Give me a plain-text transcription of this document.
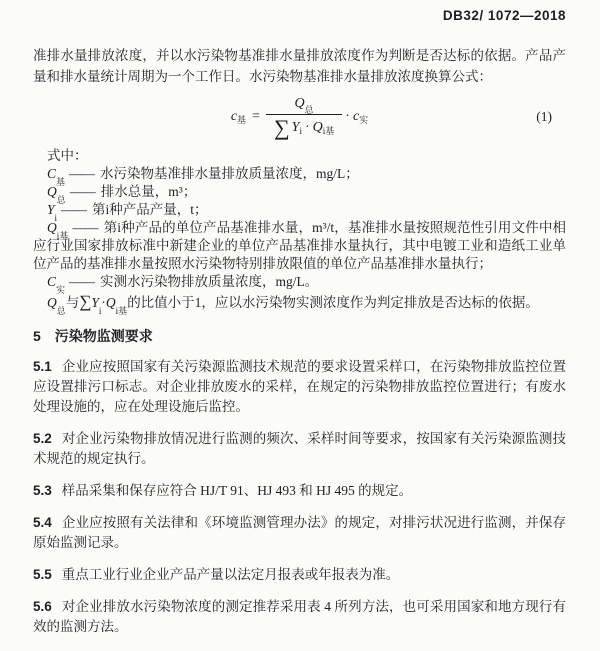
DB32/ 1072—2018

准排水量排放浓度，并以水污染物基准排水量排放浓度作为判断是否达标的依据。产品产量和排水量统计周期为一个工作日。水污染物基准排水量排放浓度换算公式：

$c_基 = \frac{Q_总}{\sum Y_i \cdot Q_{i基}} \cdot c_实$	(1)

式中：

$C_基——$ 水污染物基准排水量排放质量浓度，mg/L；

$Q_总——$ 排水总量，m³；

$Y_i——$ 第i种产品产量，t；

$Q_{i基}——$ 第i种产品的单位产品基准排水量，m³/t，基准排水量按照规范性引用文件中相应行业国家排放标准中新建企业的单位产品基准排水量执行，其中电镀工业和造纸工业单位产品的基准排水量按照水污染物特别排放限值的单位产品基准排水量执行；

$C_实——$ 实测水污染物排放质量浓度，mg/L。

$Q_总$与$\sum Y_i\cdot Q_{i基}$的比值小于1，应以水污染物实测浓度作为判定排放是否达标的依据。

5 污染物监测要求

5.1 企业应按照国家有关污染源监测技术规范的要求设置采样口，在污染物排放监控位置应设置排污口标志。对企业排放废水的采样，在规定的污染物排放监控位置进行；有废水处理设施的，应在处理设施后监控。

5.2 对企业污染物排放情况进行监测的频次、采样时间等要求，按国家有关污染源监测技术规范的规定执行。

5.3 样品采集和保存应符合 HJ/T 91、HJ 493 和 HJ 495 的规定。

5.4 企业应按照有关法律和《环境监测管理办法》的规定，对排污状况进行监测，并保存原始监测记录。

5.5 重点工业行业企业产品产量以法定月报表或年报表为准。

5.6 对企业排放水污染物浓度的测定推荐采用表 4 所列方法，也可采用国家和地方现行有效的监测方法。
